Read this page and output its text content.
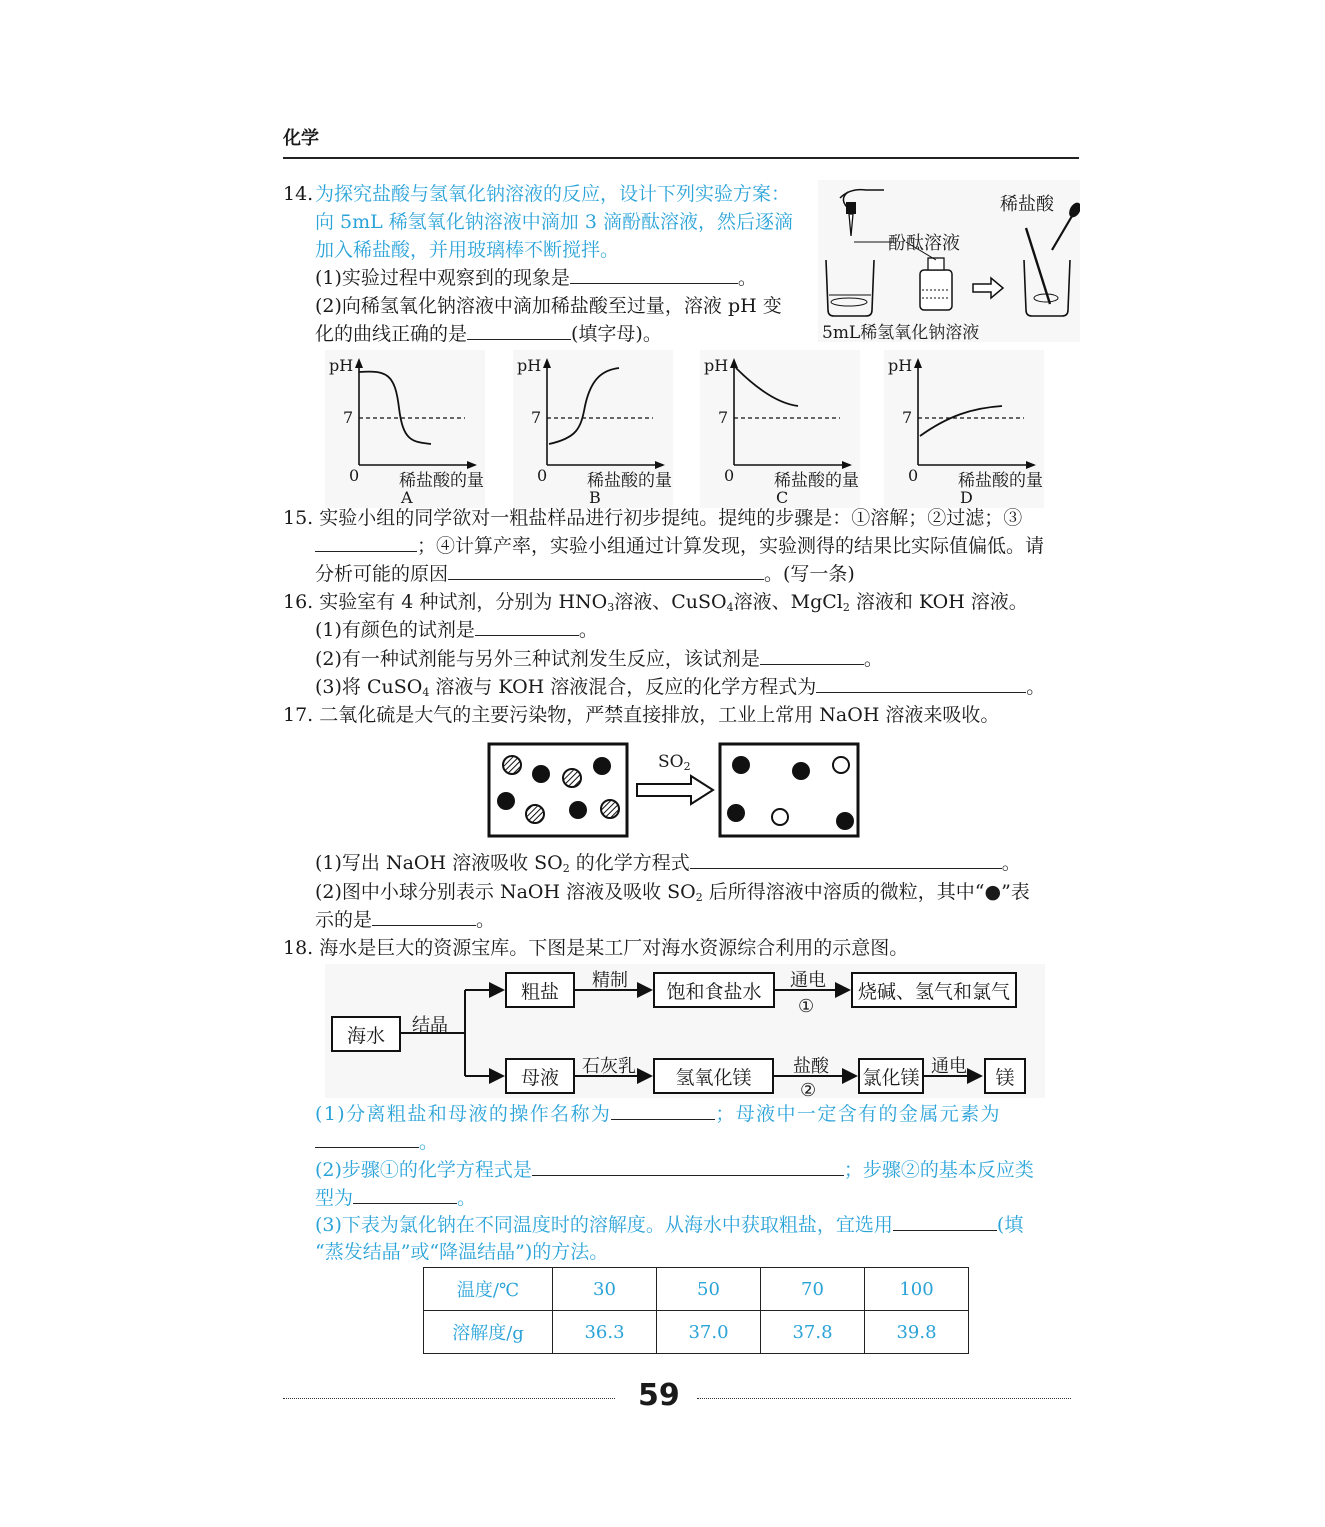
化学
14. 为探究盐酸与氢氧化钠溶液的反应，设计下列实验方案：
向 5mL 稀氢氧化钠溶液中滴加 3 滴酚酞溶液，然后逐滴
加入稀盐酸，并用玻璃棒不断搅拌。
(1)实验过程中观察到的现象是	。
(2)向稀氢氧化钠溶液中滴加稀盐酸至过量，溶液 pH 变
化的曲线正确的是	(填字母)。
稀盐酸
酚酞溶液
5mL稀氢氧化钠溶液
pH
7
0 稀盐酸的量
A
pH
7
0 稀盐酸的量
B
pH
7
0 稀盐酸的量
C
pH
7
0 稀盐酸的量
D
15. 实验小组的同学欲对一粗盐样品进行初步提纯。提纯的步骤是：①溶解；②过滤；③
；④计算产率，实验小组通过计算发现，实验测得的结果比实际值偏低。请
分析可能的原因	。(写一条)
16. 实验室有 4 种试剂，分别为 $HNO_3$溶液、CuSO$_4$溶液、MgCl$_2$ 溶液和 KOH 溶液。
(1)有颜色的试剂是	。
(2)有一种试剂能与另外三种试剂发生反应，该试剂是	。
(3)将 CuSO$_4$ 溶液与 KOH 溶液混合，反应的化学方程式为	。
17. 二氧化硫是大气的主要污染物，严禁直接排放，工业上常用 NaOH 溶液来吸收。
$SO_2$
(1)写出 NaOH 溶液吸收 $SO_2$ 的化学方程式	。
(2)图中小球分别表示 NaOH 溶液及吸收 $SO_2$ 后所得溶液中溶质的微粒，其中“●”表
示的是	。
18. 海水是巨大的资源宝库。下图是某工厂对海水资源综合利用的示意图。
海水	结晶
粗盐	精制	饱和食盐水	通电
①
烧碱、氢气和氯气
母液	石灰乳	氢氧化镁	盐酸
②
氯化镁 通电	镁
(1)分离粗盐和母液的操作名称为	；母液中一定含有的金属元素为
。
(2)步骤①的化学方程式是	；步骤②的基本反应类
型为	。
(3)下表为氯化钠在不同温度时的溶解度。从海水中获取粗盐，宜选用	(填
“蒸发结晶”或“降温结晶”)的方法。
温度/℃	30	50	70	100
溶解度/g	36.3	37.0	37.8	39.8
59
